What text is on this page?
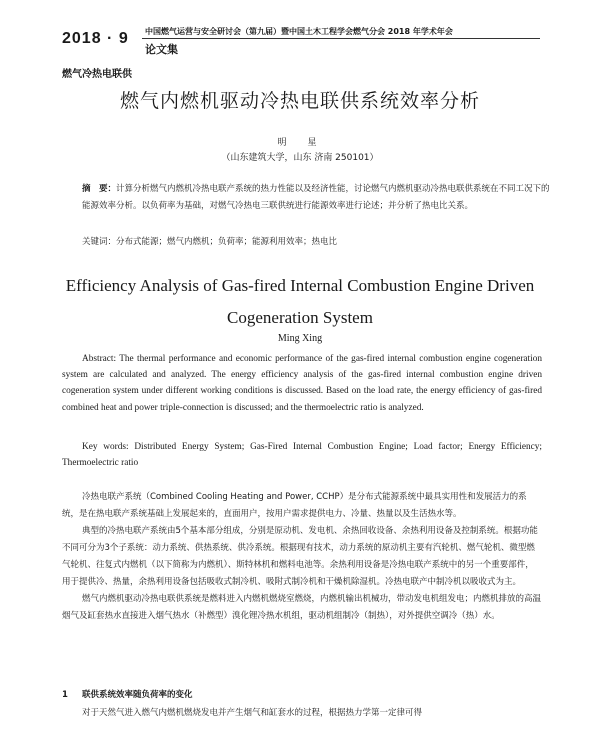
2018 · 9 中国燃气运营与安全研讨会（第九届）暨中国土木工程学会燃气分会 2018 年学术年会
论文集
燃气冷热电联供
燃气内燃机驱动冷热电联供系统效率分析
明　星
（山东建筑大学，山东 济南 250101）
摘　要：计算分析燃气内燃机冷热电联产系统的热力性能以及经济性能，讨论燃气内燃机驱动冷热电联供系统在不同工况下的能源效率分析。以负荷率为基础，对燃气冷热电三联供统进行能源效率进行论述；并分析了热电比关系。
关键词：分布式能源；燃气内燃机；负荷率；能源利用效率；热电比
Efficiency Analysis of Gas-fired Internal Combustion Engine Driven
Cogeneration System
Ming Xing
Abstract: The thermal performance and economic performance of the gas-fired internal combustion engine cogeneration system are calculated and analyzed. The energy efficiency analysis of the gas-fired internal combustion engine driven cogeneration system under different working conditions is discussed. Based on the load rate, the energy efficiency of gas-fired combined heat and power triple-connection is discussed; and the thermoelectric ratio is analyzed.
Key words: Distributed Energy System; Gas-Fired Internal Combustion Engine; Load factor; Energy Efficiency; Thermoelectric ratio

冷热电联产系统（Combined Cooling Heating and Power, CCHP）是分布式能源系统中最具实用性和发展活力的系统，是在热电联产系统基础上发展起来的，直面用户，按用户需求提供电力、冷量、热量以及生活热水等。

典型的冷热电联产系统由5个基本部分组成，分别是原动机、发电机、余热回收设备、余热利用设备及控制系统。根据功能不同可分为3个子系统：动力系统、供热系统、供冷系统。根据现有技术，动力系统的原动机主要有汽轮机、燃气轮机、微型燃气轮机、往复式内燃机（以下简称为内燃机）、斯特林机和燃料电池等。余热利用设备是冷热电联产系统中的另一个重要部件，用于提供冷、热量，余热利用设备包括吸收式制冷机、吸附式制冷机和干燥机除湿机。冷热电联产中制冷机以吸收式为主。

燃气内燃机驱动冷热电联供系统是燃料进入内燃机燃烧室燃烧，内燃机输出机械功，带动发电机组发电；内燃机排放的高温烟气及缸套热水直接进入烟气热水（补燃型）溴化锂冷热水机组，驱动机组制冷（制热），对外提供空调冷（热）水。

1 联供系统效率随负荷率的变化
对于天然气进入燃气内燃机燃烧发电并产生烟气和缸套水的过程，根据热力学第一定律可得
